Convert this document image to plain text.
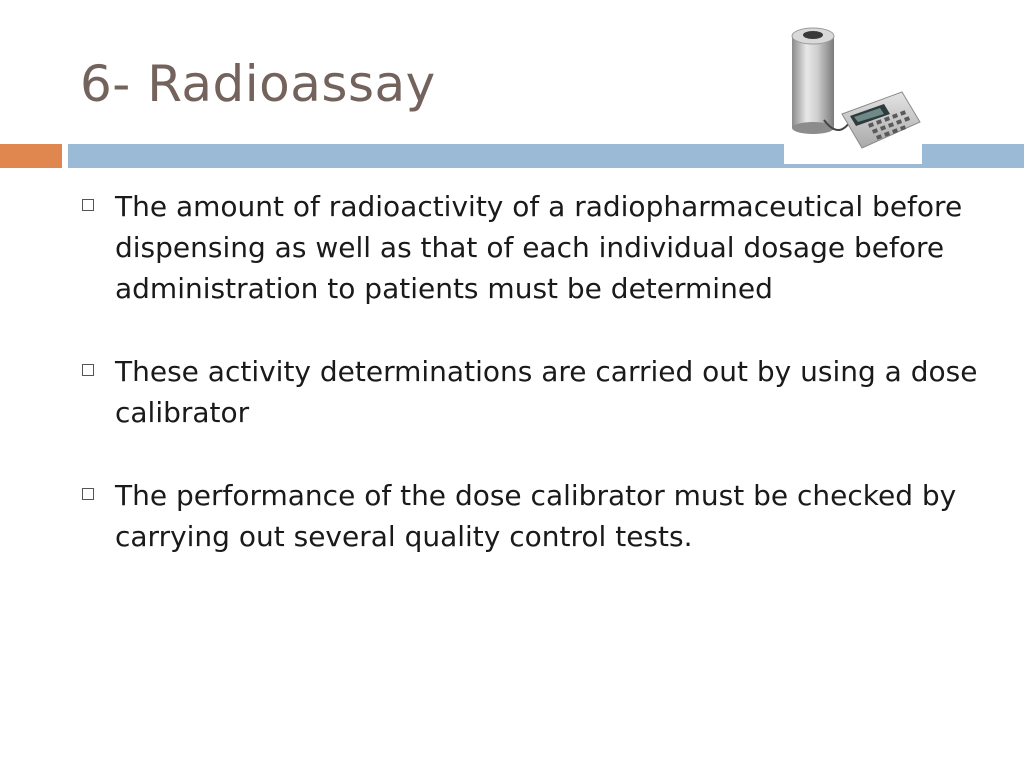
6- Radioassay
The amount of radioactivity of a radiopharmaceutical before dispensing as well as that of each individual dosage before administration to patients must be determined
These activity determinations are carried out by using a dose calibrator
The performance of the dose calibrator must be checked by carrying out several quality control tests.
